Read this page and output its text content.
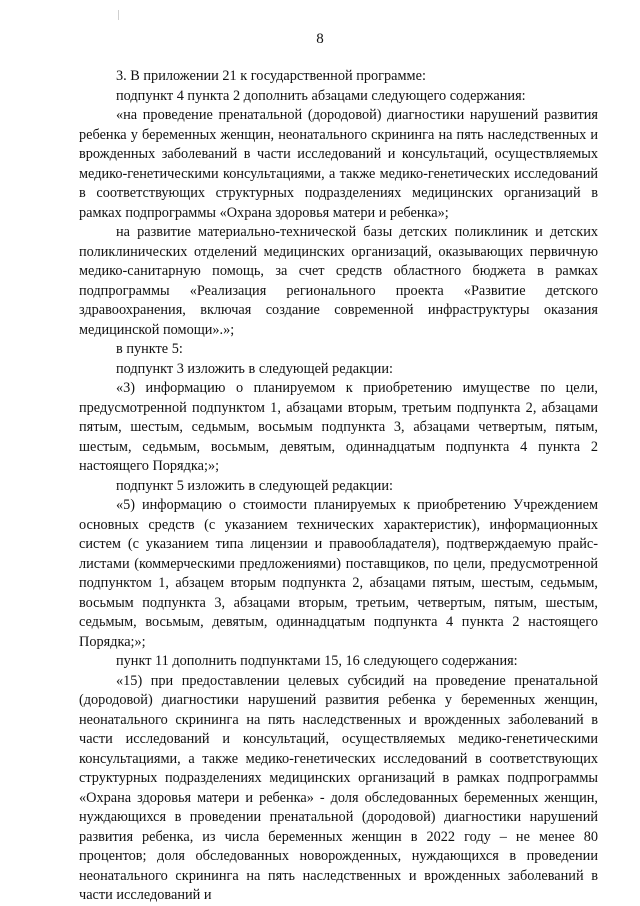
8

3. В приложении 21 к государственной программе:

подпункт 4 пункта 2 дополнить абзацами следующего содержания:

«на проведение пренатальной (дородовой) диагностики нарушений развития ребенка у беременных женщин, неонатального скрининга на пять наследственных и врожденных заболеваний в части исследований и консультаций, осуществляемых медико-генетическими консультациями, а также медико-генетических исследований в соответствующих структурных подразделениях медицинских организаций в рамках подпрограммы «Охрана здоровья матери и ребенка»;

на развитие материально-технической базы детских поликлиник и детских поликлинических отделений медицинских организаций, оказывающих первичную медико-санитарную помощь, за счет средств областного бюджета в рамках подпрограммы «Реализация регионального проекта «Развитие детского здравоохранения, включая создание современной инфраструктуры оказания медицинской помощи».»;

в пункте 5:

подпункт 3 изложить в следующей редакции:

«3) информацию о планируемом к приобретению имуществе по цели, предусмотренной подпунктом 1, абзацами вторым, третьим подпункта 2, абзацами пятым, шестым, седьмым, восьмым подпункта 3, абзацами четвертым, пятым, шестым, седьмым, восьмым, девятым, одиннадцатым подпункта 4 пункта 2 настоящего Порядка;»;

подпункт 5 изложить в следующей редакции:

«5) информацию о стоимости планируемых к приобретению Учреждением основных средств (с указанием технических характеристик), информационных систем (с указанием типа лицензии и правообладателя), подтверждаемую прайс-листами (коммерческими предложениями) поставщиков, по цели, предусмотренной подпунктом 1, абзацем вторым подпункта 2, абзацами пятым, шестым, седьмым, восьмым подпункта 3, абзацами вторым, третьим, четвертым, пятым, шестым, седьмым, восьмым, девятым, одиннадцатым подпункта 4 пункта 2 настоящего Порядка;»;

пункт 11 дополнить подпунктами 15, 16 следующего содержания:

«15) при предоставлении целевых субсидий на проведение пренатальной (дородовой) диагностики нарушений развития ребенка у беременных женщин, неонатального скрининга на пять наследственных и врожденных заболеваний в части исследований и консультаций, осуществляемых медико-генетическими консультациями, а также медико-генетических исследований в соответствующих структурных подразделениях медицинских организаций в рамках подпрограммы «Охрана здоровья матери и ребенка» - доля обследованных беременных женщин, нуждающихся в проведении пренатальной (дородовой) диагностики нарушений развития ребенка, из числа беременных женщин в 2022 году – не менее 80 процентов; доля обследованных новорожденных, нуждающихся в проведении неонатального скрининга на пять наследственных и врожденных заболеваний в части исследований и
